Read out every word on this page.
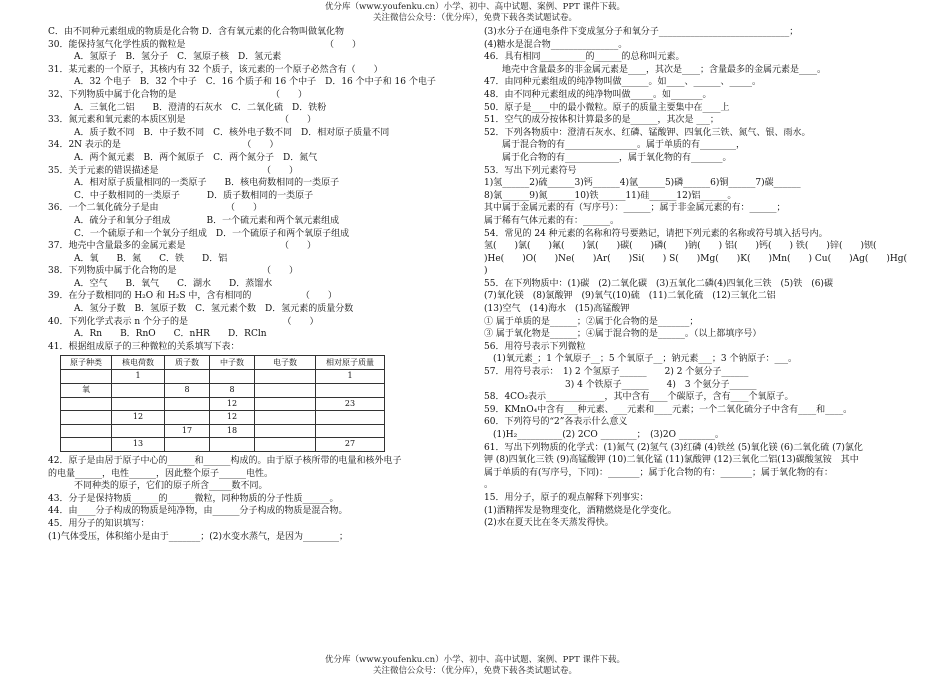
优分库（www.youfenku.cn）小学、初中、高中试题、案例、PPT 课件下载。
关注微信公众号：（优分库），免费下载各类试题试卷。
C．由不同种元素组成的物质是化合物 D．含有氧元素的化合物叫做氧化物
30．能保持氢气化学性质的微粒是　　　　　　　　　　　　　　　　（　　）
A．氢原子　B．氢分子　C．氢原子核　D．氢元素
31．某元素的一个原子，其核内有 32 个质子，该元素的一个原子必然含有（　　）
A．32 个电子　B．32 个中子　C．16 个质子和 16 个中子　D．16 个中子和 16 个电子
32、下列物质中属于化合物的是　　　　　　　　　　　（　　）
A．三氧化二铝　　B．澄清的石灰水　C．二氧化硫　D．铁粉
33．氮元素和氧元素的本质区别是　　　　　　　　　　　（　　）
A．质子数不同　B．中子数不同　C．核外电子数不同　D．相对原子质量不同
34．2N 表示的是　　　　　　　　　　　　　　（　　）
A．两个氮元素　B．两个氮原子　C．两个氮分子　D．氮气
35．关于元素的错误描述是　　　　　　　　　　　　（　　）
A．相对原子质量相同的一类原子　　B．核电荷数相同的一类原子
C．中子数相同的一类原子　　　D．质子数相同的一类原子
36．一个二氧化硫分子是由　　　　　　　　（　　）
A．硫分子和氧分子组成　　　　B．一个硫元素和两个氧元素组成
C．一个硫原子和一个氧分子组成　D．一个硫原子和两个氧原子组成
37．地壳中含量最多的金属元素是　　　　　　　　　　　（　　）
A．氧　　B．氮　　C．铁　　D．铝
38．下列物质中属于化合物的是　　　　　　　　　　（　　）
A．空气　　B．氧气　　C．湖水　　D．蒸馏水
39．在分子数相同的 H₂O 和 H₂S 中，含有相同的　　　　　　（　　）
A．氢分子数　B．氢原子数　C．氢元素个数　D．氢元素的质量分数
40．下列化学式表示 n 个分子的是　　　　　　　　　　　（　　）
A．Rn　　B．RnO　　C．nHR　　D．RCln
41．根据组成原子的三种微粒的关系填写下表：
原子种类	核电荷数	质子数	中子数	电子数	相对原子质量
	1				1
氧		8	8		
			12		23
	12		12		
		17	18		
	13				27
42．原子是由居于原子中心的______和______构成的。由于原子核所带的电量和核外电子
的电量______，电性______，因此整个原子______电性。
不同种类的原子，它们的原子所含_____数不同。
43．分子是保持物质______的______微粒，同种物质的分子性质______。
44．由____分子构成的物质是纯净物，由______分子构成的物质是混合物。
45．用分子的知识填写：
(1)气体受压，体积缩小是由于_______；(2)水变水蒸气，是因为________；
(3)水分子在通电条件下变成氢分子和氧分子_____________________________；
(4)糖水是混合物_______________。
46．具有相同__________的______的总称叫元素。
　　地壳中含量最多的非金属元素是____，其次是____；含量最多的金属元素是____。
47．由同种元素组成的纯净物叫做______。如____、______、_____。
48．由不同种元素组成的纯净物叫做_____。如_______。
50．原子是____中的最小微粒。原子的质量主要集中在____上
51．空气的成分按体积计算最多的是______，其次是 ___；
52．下列各物质中：澄清石灰水、红磷、锰酸钾、四氧化三铁、氮气、银、雨水。
　　属于混合物的有________________。属于单质的有________，
　　属于化合物的有____________，属于氧化物的有_______。
53．写出下列元素符号
1)氢______2)硫______3)钙______4)氩______5)磷______6)铜______7)碳______
8)氯______9)氮______10)铁______11)硅______12)铝______。
其中属于金属元素的有（写序号）：______；属于非金属元素的有：______；
属于稀有气体元素的有：______。
54．常见的 24 种元素的名称和符号要熟记，请把下列元素的名称或符号填入括号内。
氢(　　)氯(　　)氟(　　)氯(　　)碳(　　)磷(　　)钠(　　) 铝(　　)钙(　　) 铁(　　)锌(　　)钡(　　
)He(　　)O(　　)Ne(　　)Ar(　　)Si(　　) S(　　)Mg(　　)K(　　)Mn(　　) Cu(　　)Ag(　　)Hg(
)
55．在下列物质中：(1)碳　(2)二氧化碳　(3)五氧化二磷(4)四氧化三铁　(5)铁　(6)碳
(7)氧化镁　(8)氯酸钾　(9)氧气(10)硫　(11)二氧化硫　(12)三氧化二铝
(13)空气　(14)海水　(15)高锰酸钾
① 属于单质的是______；②属于化合物的是_______；
③ 属于氧化物是______；④属于混合物的是______。（以上都填序号）
56．用符号表示下列微粒
　(1)氧元素_；1 个氧原子__；5 个氧原子__；钠元素___；3 个钠原子：___。
57．用符号表示：　1) 2 个氢原子______　　2) 2 个氨分子______
　　　　　　　　　3) 4 个铁原子______　　4)　3 个氨分子______
58．4CO₂表示_____________，其中含有____个碳原子，含有____个氧原子。
59．KMnO₄中含有___种元素、___元素和____元素；一个二氧化硫分子中含有____和____。
60．下列符号的“2”各表示什么意义
　(1)H₂__________(2) 2CO ________；　(3)2O ________。
61．写出下列物质的化学式：(1)氮气 (2)氢气 (3)红磷 (4)铁丝 (5)氧化镁 (6)二氧化硫 (7)氯化
钾 (8)四氧化三铁 (9)高锰酸钾 (10)二氧化锰 (11)氯酸钾 (12)三氧化二铝(13)碳酸氢铵　其中
属于单质的有(写序号，下同)：_______；属于化合物的有：_______；属于氧化物的有：
。
15．用分子，原子的观点解释下列事实：
(1)酒精挥发是物理变化，酒精燃烧是化学变化。
(2)水在夏天比在冬天蒸发得快。
优分库（www.youfenku.cn）小学、初中、高中试题、案例、PPT 课件下载。
关注微信公众号：（优分库），免费下载各类试题试卷。
